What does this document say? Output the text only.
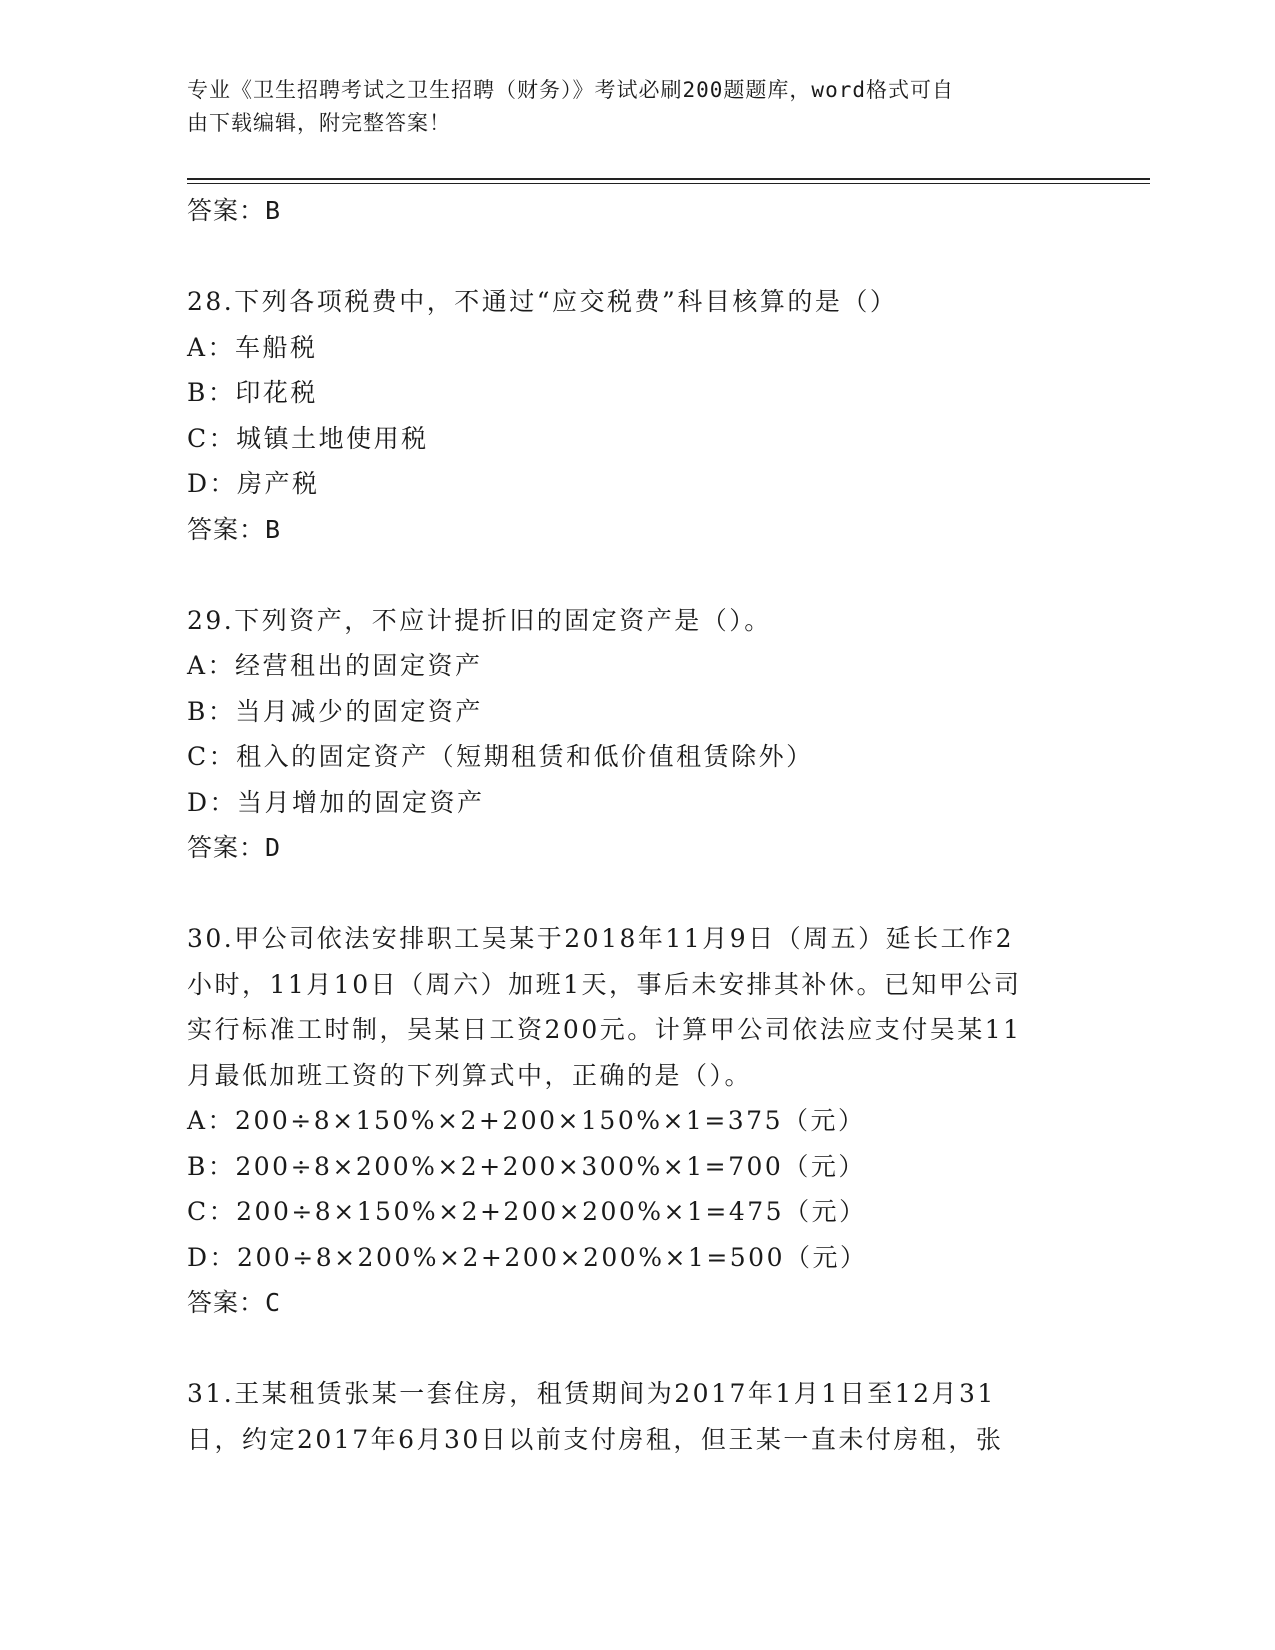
专业《卫生招聘考试之卫生招聘（财务）》考试必刷200题题库，word格式可自
由下载编辑，附完整答案！
答案：B
28.下列各项税费中，不通过“应交税费”科目核算的是（）
A：车船税
B：印花税
C：城镇土地使用税
D：房产税
答案：B
29.下列资产，不应计提折旧的固定资产是（）。
A：经营租出的固定资产
B：当月减少的固定资产
C：租入的固定资产（短期租赁和低价值租赁除外）
D：当月增加的固定资产
答案：D
30.甲公司依法安排职工吴某于2018年11月9日（周五）延长工作2
小时，11月10日（周六）加班1天，事后未安排其补休。已知甲公司
实行标准工时制，吴某日工资200元。计算甲公司依法应支付吴某11
月最低加班工资的下列算式中，正确的是（）。
A：200÷8×150%×2+200×150%×1=375（元）
B：200÷8×200%×2+200×300%×1=700（元）
C：200÷8×150%×2+200×200%×1=475（元）
D：200÷8×200%×2+200×200%×1=500（元）
答案：C
31.王某租赁张某一套住房，租赁期间为2017年1月1日至12月31
日，约定2017年6月30日以前支付房租，但王某一直未付房租，张
